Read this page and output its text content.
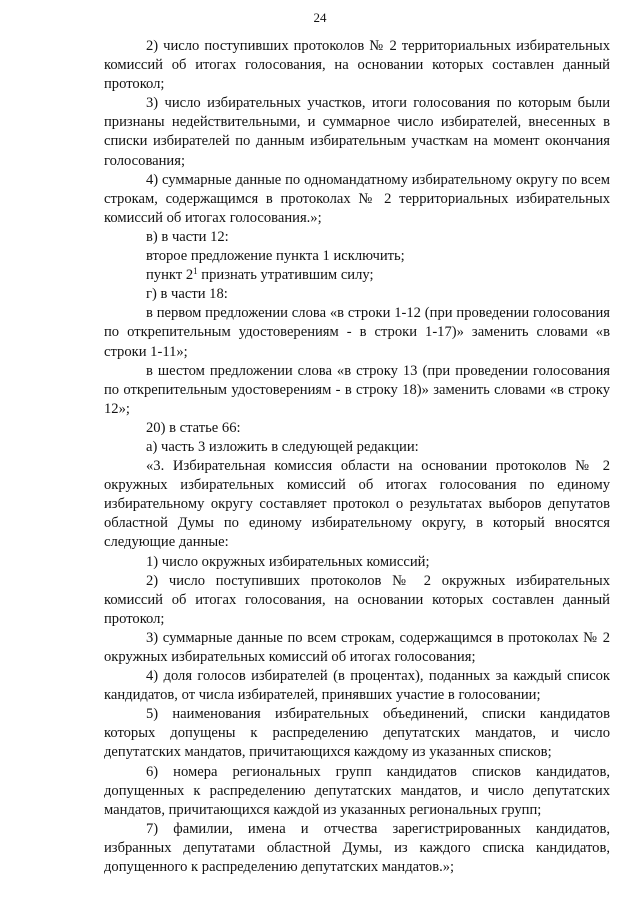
24

2) число поступивших протоколов № 2 территориальных избирательных комиссий об итогах голосования, на основании которых составлен данный протокол;

3) число избирательных участков, итоги голосования по которым были признаны недействительными, и суммарное число избирателей, внесенных в списки избирателей по данным избирательным участкам на момент окончания голосования;

4) суммарные данные по одномандатному избирательному округу по всем строкам, содержащимся в протоколах № 2 территориальных избирательных комиссий об итогах голосования.»;

в) в части 12:

второе предложение пункта 1 исключить;

пункт $2^1$ признать утратившим силу;

г) в части 18:

в первом предложении слова «в строки 1-12 (при проведении голосования по открепительным удостоверениям - в строки 1-17)» заменить словами «в строки 1-11»;

в шестом предложении слова «в строку 13 (при проведении голосования по открепительным удостоверениям - в строку 18)» заменить словами «в строку 12»;

20) в статье 66:

а) часть 3 изложить в следующей редакции:

«3. Избирательная комиссия области на основании протоколов № 2 окружных избирательных комиссий об итогах голосования по единому избирательному округу составляет протокол о результатах выборов депутатов областной Думы по единому избирательному округу, в который вносятся следующие данные:

1) число окружных избирательных комиссий;

2) число поступивших протоколов № 2 окружных избирательных комиссий об итогах голосования, на основании которых составлен данный протокол;

3) суммарные данные по всем строкам, содержащимся в протоколах № 2 окружных избирательных комиссий об итогах голосования;

4) доля голосов избирателей (в процентах), поданных за каждый список кандидатов, от числа избирателей, принявших участие в голосовании;

5) наименования избирательных объединений, списки кандидатов которых допущены к распределению депутатских мандатов, и число депутатских мандатов, причитающихся каждому из указанных списков;

6) номера региональных групп кандидатов списков кандидатов, допущенных к распределению депутатских мандатов, и число депутатских мандатов, причитающихся каждой из указанных региональных групп;

7) фамилии, имена и отчества зарегистрированных кандидатов, избранных депутатами областной Думы, из каждого списка кандидатов, допущенного к распределению депутатских мандатов.»;
